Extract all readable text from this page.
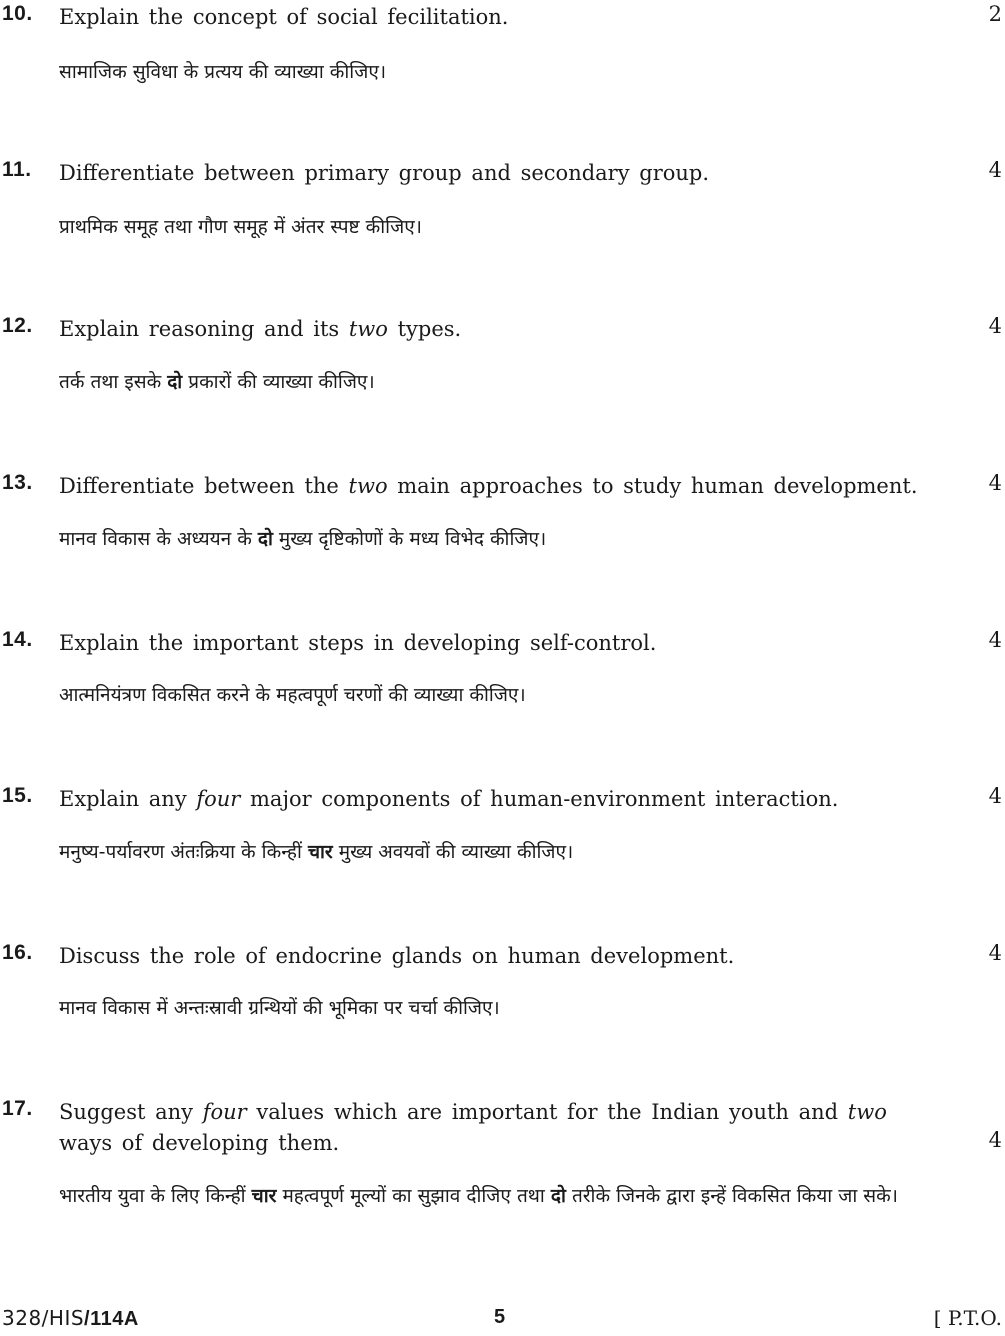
10. Explain the concept of social fecilitation.	2
सामाजिक सुविधा के प्रत्यय की व्याख्या कीजिए।
11. Differentiate between primary group and secondary group.	4
प्राथमिक समूह तथा गौण समूह में अंतर स्पष्ट कीजिए।
12. Explain reasoning and its two types.	4
तर्क तथा इसके दो प्रकारों की व्याख्या कीजिए।
13. Differentiate between the two main approaches to study human development.	4
मानव विकास के अध्ययन के दो मुख्य दृष्टिकोणों के मध्य विभेद कीजिए।
14. Explain the important steps in developing self-control.	4
आत्मनियंत्रण विकसित करने के महत्वपूर्ण चरणों की व्याख्या कीजिए।
15. Explain any four major components of human-environment interaction.	4
मनुष्य-पर्यावरण अंतःक्रिया के किन्हीं चार मुख्य अवयवों की व्याख्या कीजिए।
16. Discuss the role of endocrine glands on human development.	4
मानव विकास में अन्तःस्रावी ग्रन्थियों की भूमिका पर चर्चा कीजिए।
17. Suggest any four values which are important for the Indian youth and two ways of developing them.	4
भारतीय युवा के लिए किन्हीं चार महत्वपूर्ण मूल्यों का सुझाव दीजिए तथा दो तरीके जिनके द्वारा इन्हें विकसित किया जा सके।
328/HIS/114A	5	[ P.T.O.
